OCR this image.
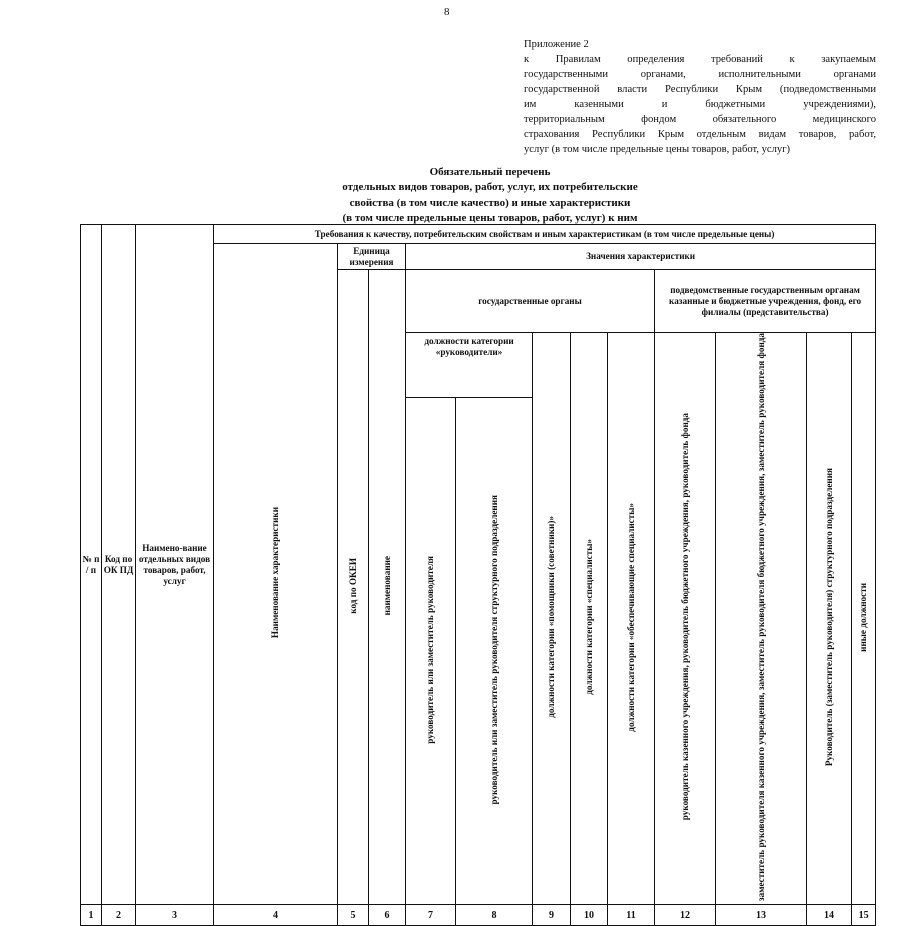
8
Приложение 2
к Правилам определения требований к закупаемым
государственными органами, исполнительными органами
государственной власти Республики Крым (подведомственными
им казенными и бюджетными учреждениями),
территориальным фондом обязательного медицинского
страхования Республики Крым отдельным видам товаров, работ,
услуг (в том числе предельные цены товаров, работ, услуг)
Обязательный перечень
отдельных видов товаров, работ, услуг, их потребительские
свойства (в том числе качество) и иные характеристики
(в том числе предельные цены товаров, работ, услуг) к ним
№ п / п	Код по ОК ПД	Наимено-вание отдельных видов товаров, работ, услуг	Требования к качеству, потребительским свойствам и иным характеристикам (в том числе предельные цены)											
			Наименование характеристики	Единица измерения		Значения характеристики								
				код по ОКЕИ	наименование	государственные органы					подведомственные государственным органам казанные и бюджетные учреждения, фонд, его филиалы (представительства)			
						должности категории «руководители»		должности категории «помощники (советники)»	должности категории «специалисты»	должности категории «обеспечивающие специалисты»	руководитель казенного учреждения, руководитель бюджетного учреждения, руководитель фонда	заместитель руководителя казенного учреждения, заместитель руководителя бюджетного учреждения, заместитель руководителя фонда	Руководитель (заместитель руководителя) структурного подразделения	иные должности
						руководитель или заместитель руководителя	руководитель или заместитель руководителя структурного подразделения							
1	2	3	4	5	6	7	8	9	10	11	12	13	14	15
